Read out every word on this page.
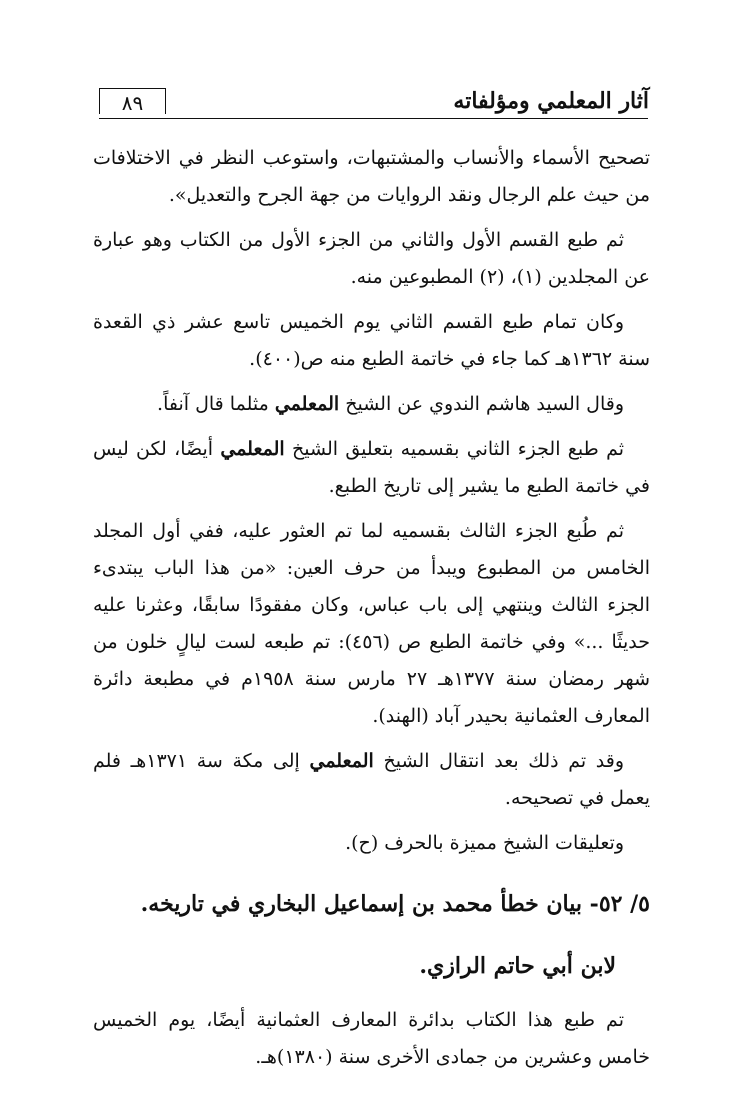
آثار المعلمي ومؤلفاته
٨٩

تصحيح الأسماء والأنساب والمشتبهات، واستوعب النظر في الاختلافات من حيث علم الرجال ونقد الروايات من جهة الجرح والتعديل».

ثم طبع القسم الأول والثاني من الجزء الأول من الكتاب وهو عبارة عن المجلدين (١)، (٢) المطبوعين منه.

وكان تمام طبع القسم الثاني يوم الخميس تاسع عشر ذي القعدة سنة ١٣٦٢هـ كما جاء في خاتمة الطبع منه ص(٤٠٠).

وقال السيد هاشم الندوي عن الشيخ المعلمي مثلما قال آنفاً.

ثم طبع الجزء الثاني بقسميه بتعليق الشيخ المعلمي أيضًا، لكن ليس في خاتمة الطبع ما يشير إلى تاريخ الطبع.

ثم طُبع الجزء الثالث بقسميه لما تم العثور عليه، ففي أول المجلد الخامس من المطبوع ويبدأ من حرف العين: «من هذا الباب يبتدىء الجزء الثالث وينتهي إلى باب عباس، وكان مفقودًا سابقًا، وعثرنا عليه حديثًا ...» وفي خاتمة الطبع ص (٤٥٦): تم طبعه لست ليالٍ خلون من شهر رمضان سنة ١٣٧٧هـ ٢٧ مارس سنة ١٩٥٨م في مطبعة دائرة المعارف العثمانية بحيدر آباد (الهند).

وقد تم ذلك بعد انتقال الشيخ المعلمي إلى مكة سة ١٣٧١هـ فلم يعمل في تصحيحه.

وتعليقات الشيخ مميزة بالحرف (ح).

٥/ ٥٢- بيان خطأ محمد بن إسماعيل البخاري في تاريخه.
لابن أبي حاتم الرازي.

تم طبع هذا الكتاب بدائرة المعارف العثمانية أيضًا، يوم الخميس خامس وعشرين من جمادى الأخرى سنة (١٣٨٠)هـ.
